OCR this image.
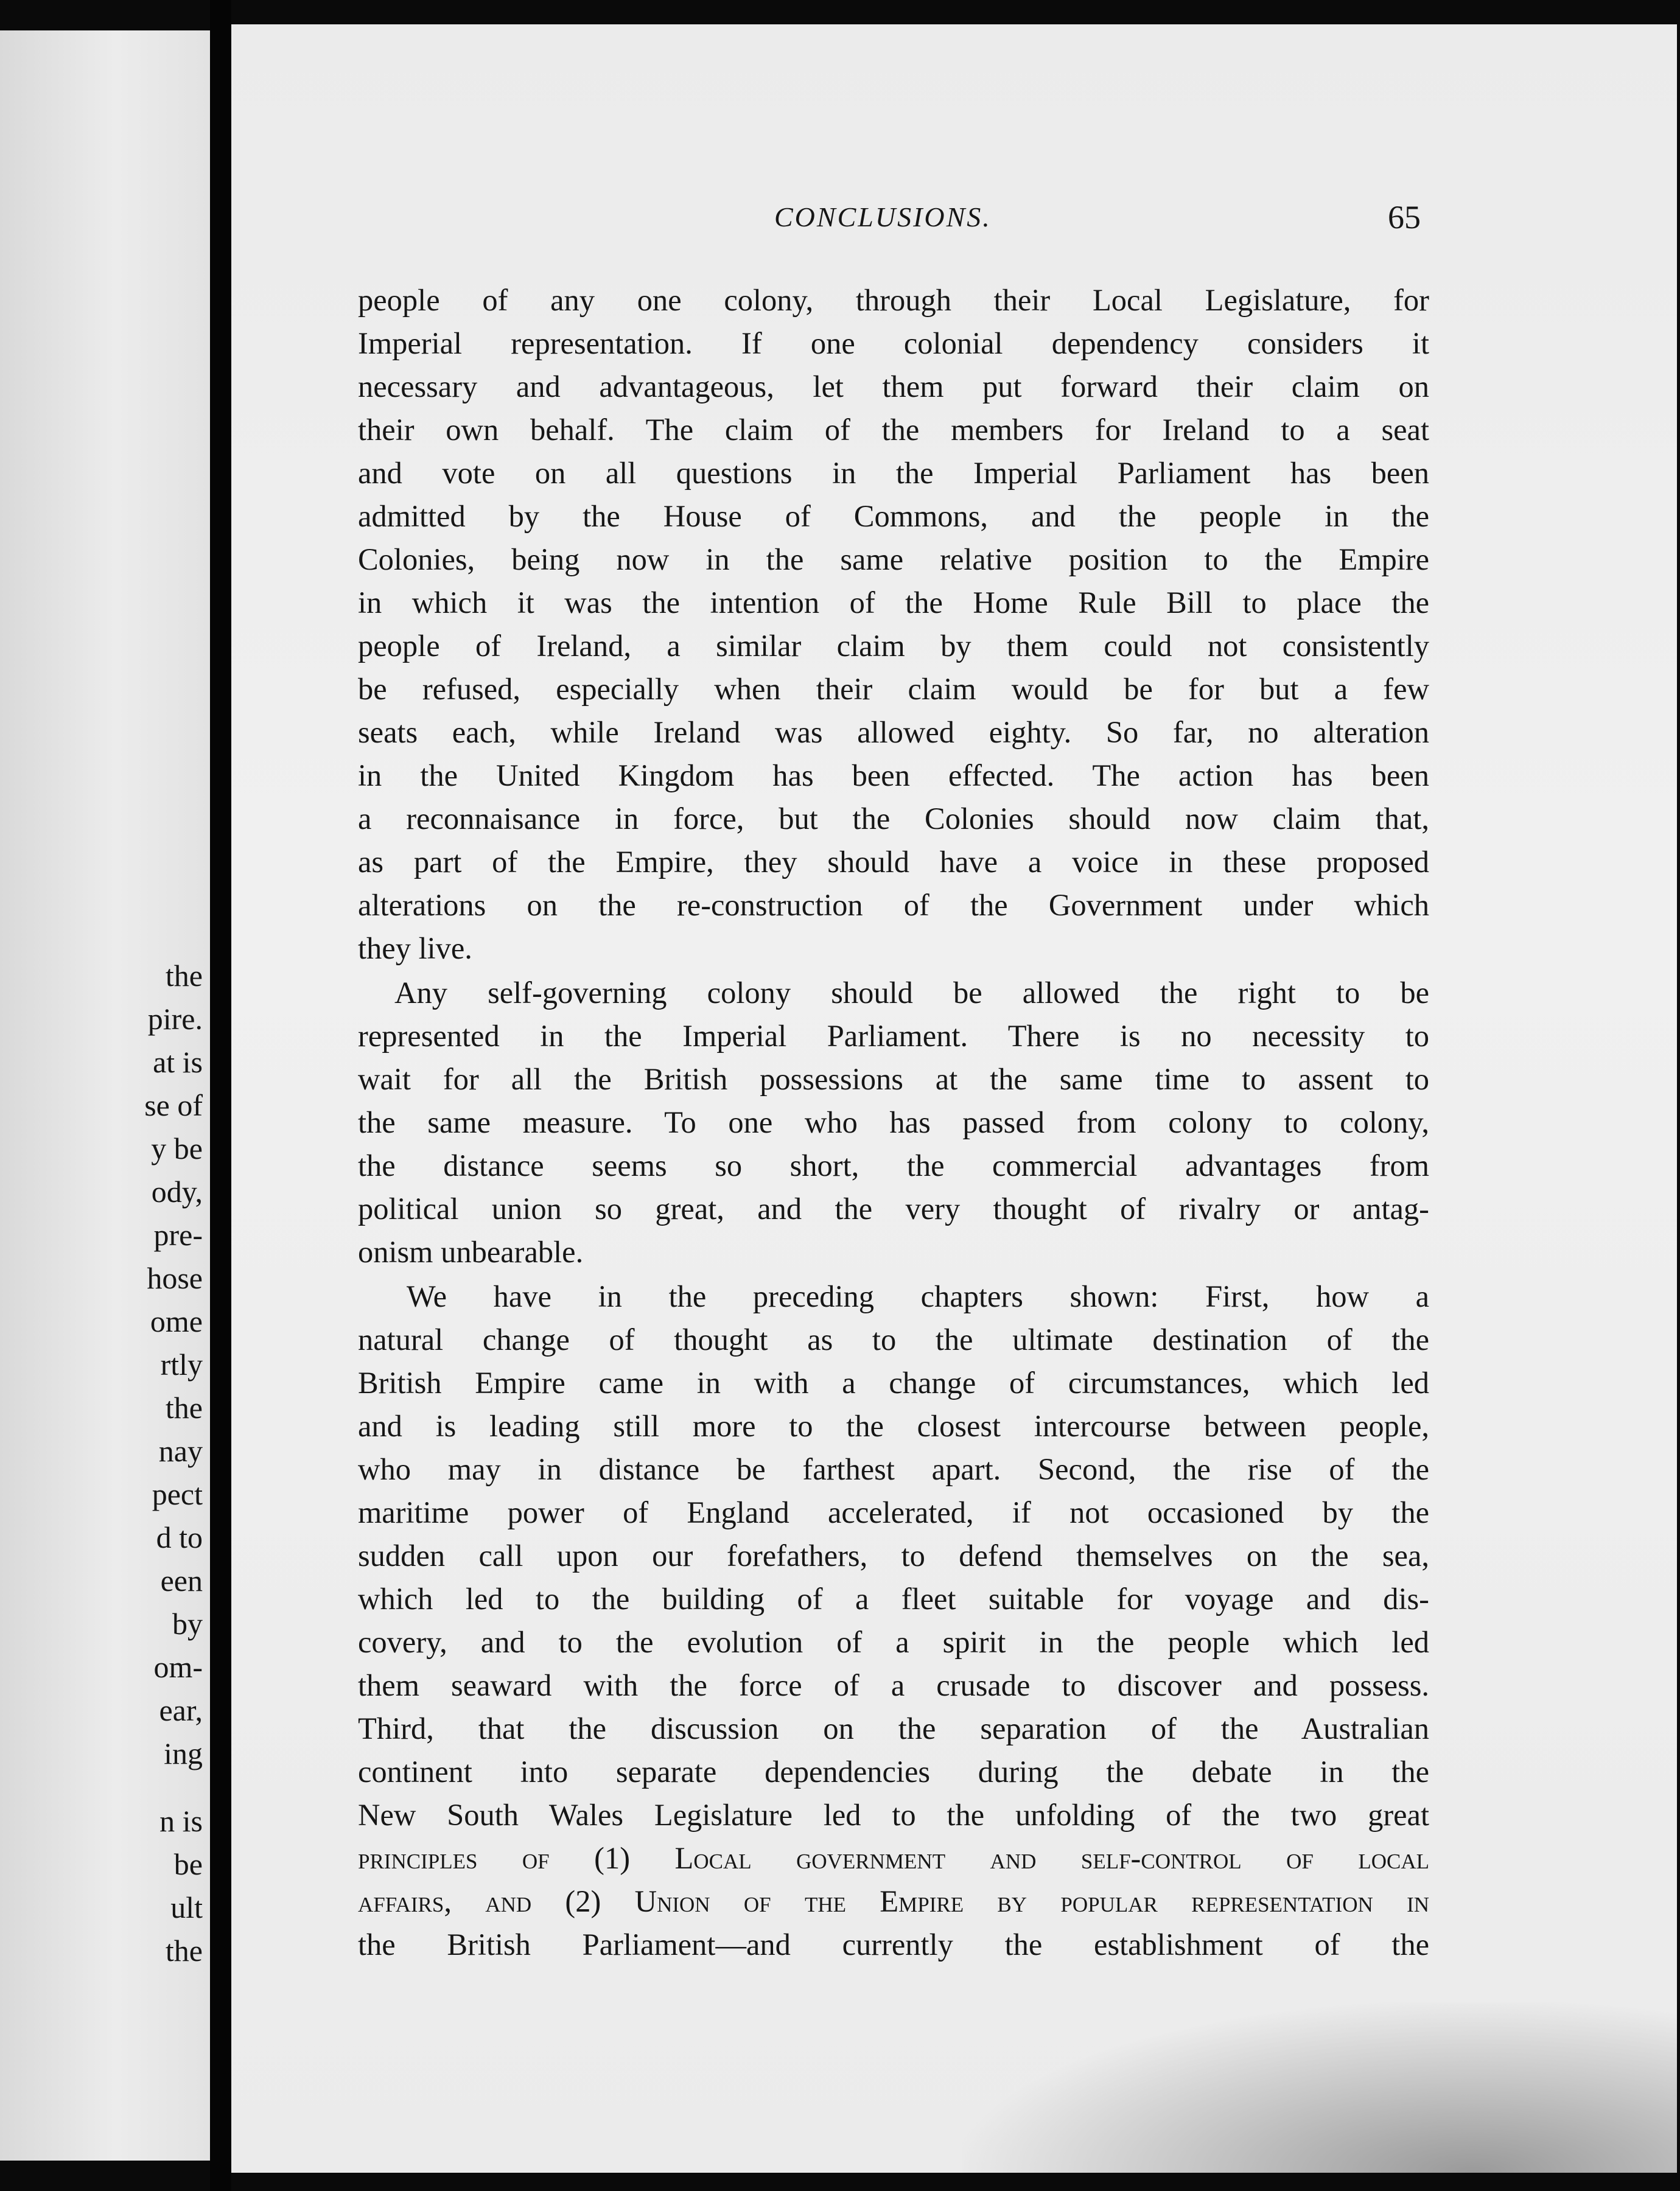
the
pire.
at is
se of
y be
ody,
pre-
hose
ome
rtly
the
nay
pect
d to
een
by
om-
ear,
ing
n is
be
ult
the
CONCLUSIONS.	65
people of any one colony, through their Local Legislature, for
Imperial representation. If one colonial dependency considers it
necessary and advantageous, let them put forward their claim on
their own behalf. The claim of the members for Ireland to a seat
and vote on all questions in the Imperial Parliament has been
admitted by the House of Commons, and the people in the
Colonies, being now in the same relative position to the Empire
in which it was the intention of the Home Rule Bill to place the
people of Ireland, a similar claim by them could not consistently
be refused, especially when their claim would be for but a few
seats each, while Ireland was allowed eighty. So far, no alteration
in the United Kingdom has been effected. The action has been
a reconnaisance in force, but the Colonies should now claim that,
as part of the Empire, they should have a voice in these proposed
alterations on the re-construction of the Government under which
they live.
Any self-governing colony should be allowed the right to be
represented in the Imperial Parliament. There is no necessity to
wait for all the British possessions at the same time to assent to
the same measure. To one who has passed from colony to colony,
the distance seems so short, the commercial advantages from
political union so great, and the very thought of rivalry or antag-
onism unbearable.
We have in the preceding chapters shown: First, how a
natural change of thought as to the ultimate destination of the
British Empire came in with a change of circumstances, which led
and is leading still more to the closest intercourse between people,
who may in distance be farthest apart. Second, the rise of the
maritime power of England accelerated, if not occasioned by the
sudden call upon our forefathers, to defend themselves on the sea,
which led to the building of a fleet suitable for voyage and dis-
covery, and to the evolution of a spirit in the people which led
them seaward with the force of a crusade to discover and possess.
Third, that the discussion on the separation of the Australian
continent into separate dependencies during the debate in the
New South Wales Legislature led to the unfolding of the two great
principles of (1) Local government and self-control of local
affairs, and (2) Union of the Empire by popular representation in
the British Parliament—and currently the establishment of the
